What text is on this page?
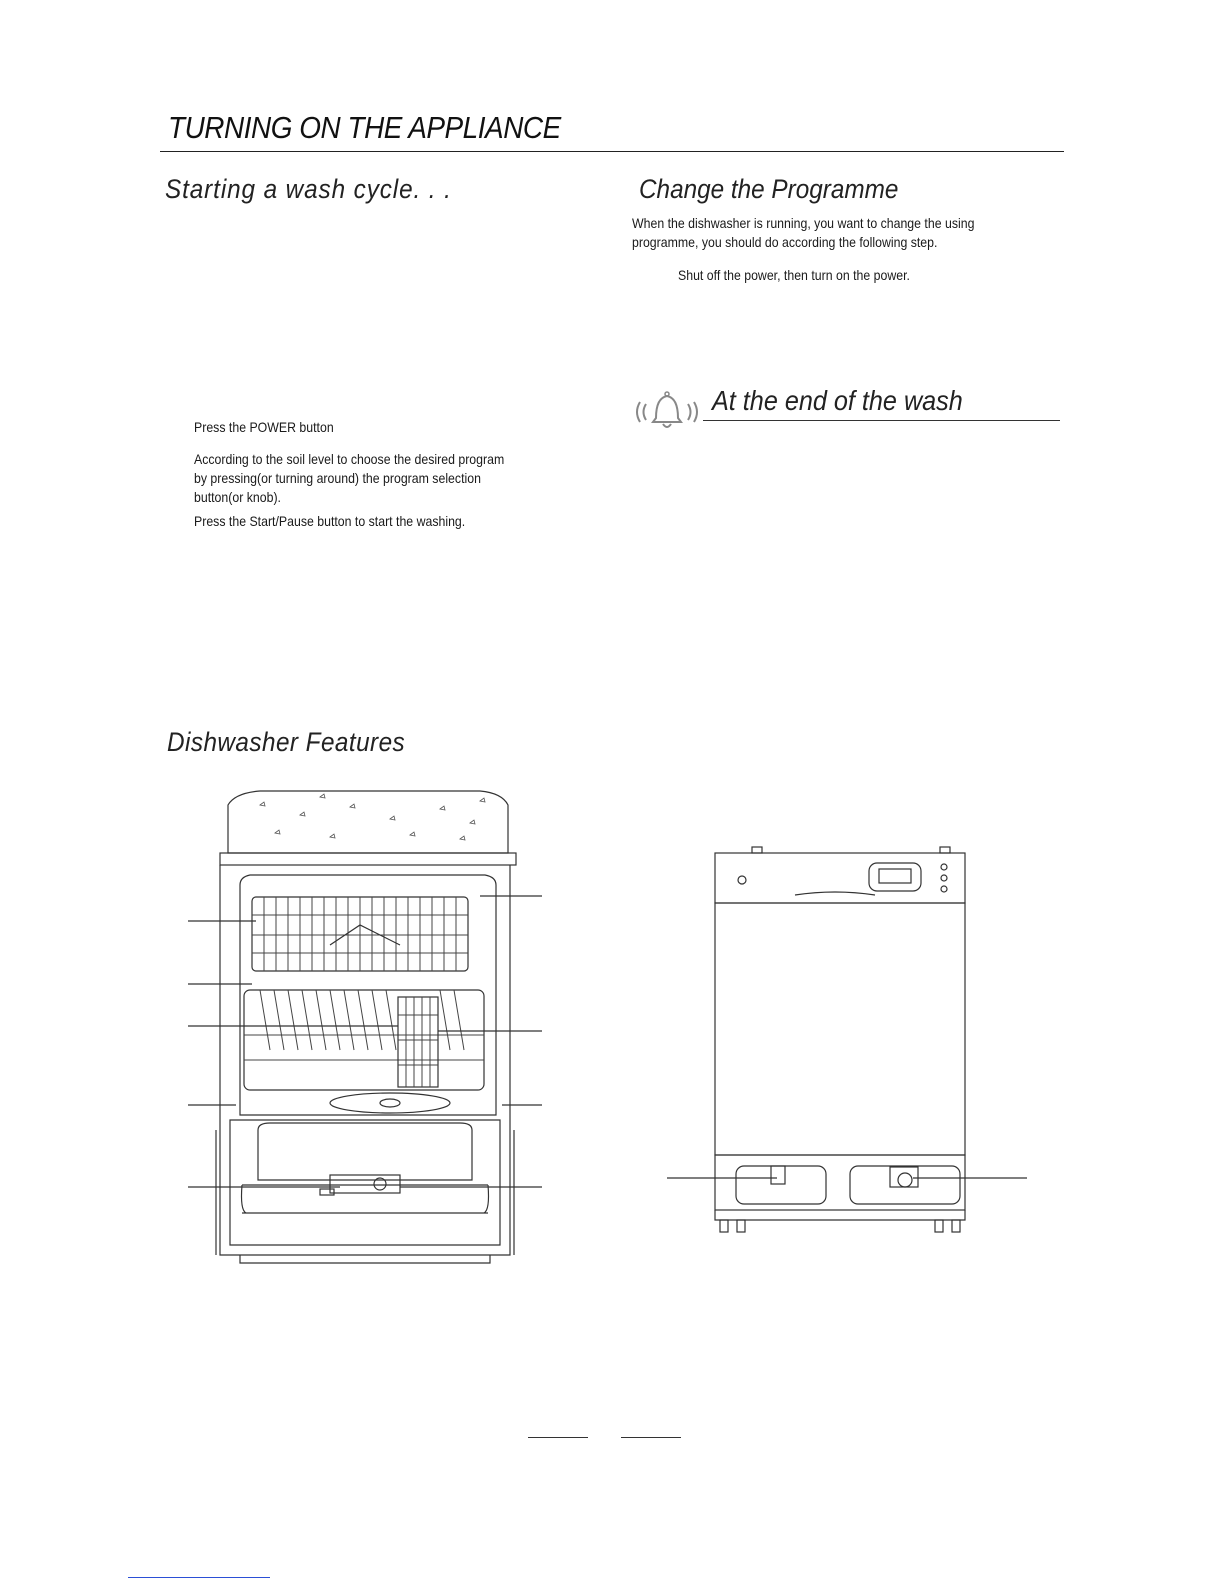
TURNING ON THE APPLIANCE
Starting a wash cycle. . .
Press the POWER button
According to the soil level to choose the desired program
by pressing(or turning around) the program selection
button(or knob).
Press the Start/Pause button to start the washing.
Change the Programme
When the dishwasher is running, you want to change the using
programme, you should do according the following step.
Shut off the power, then turn on the power.
At the end of the wash
Dishwasher Features
